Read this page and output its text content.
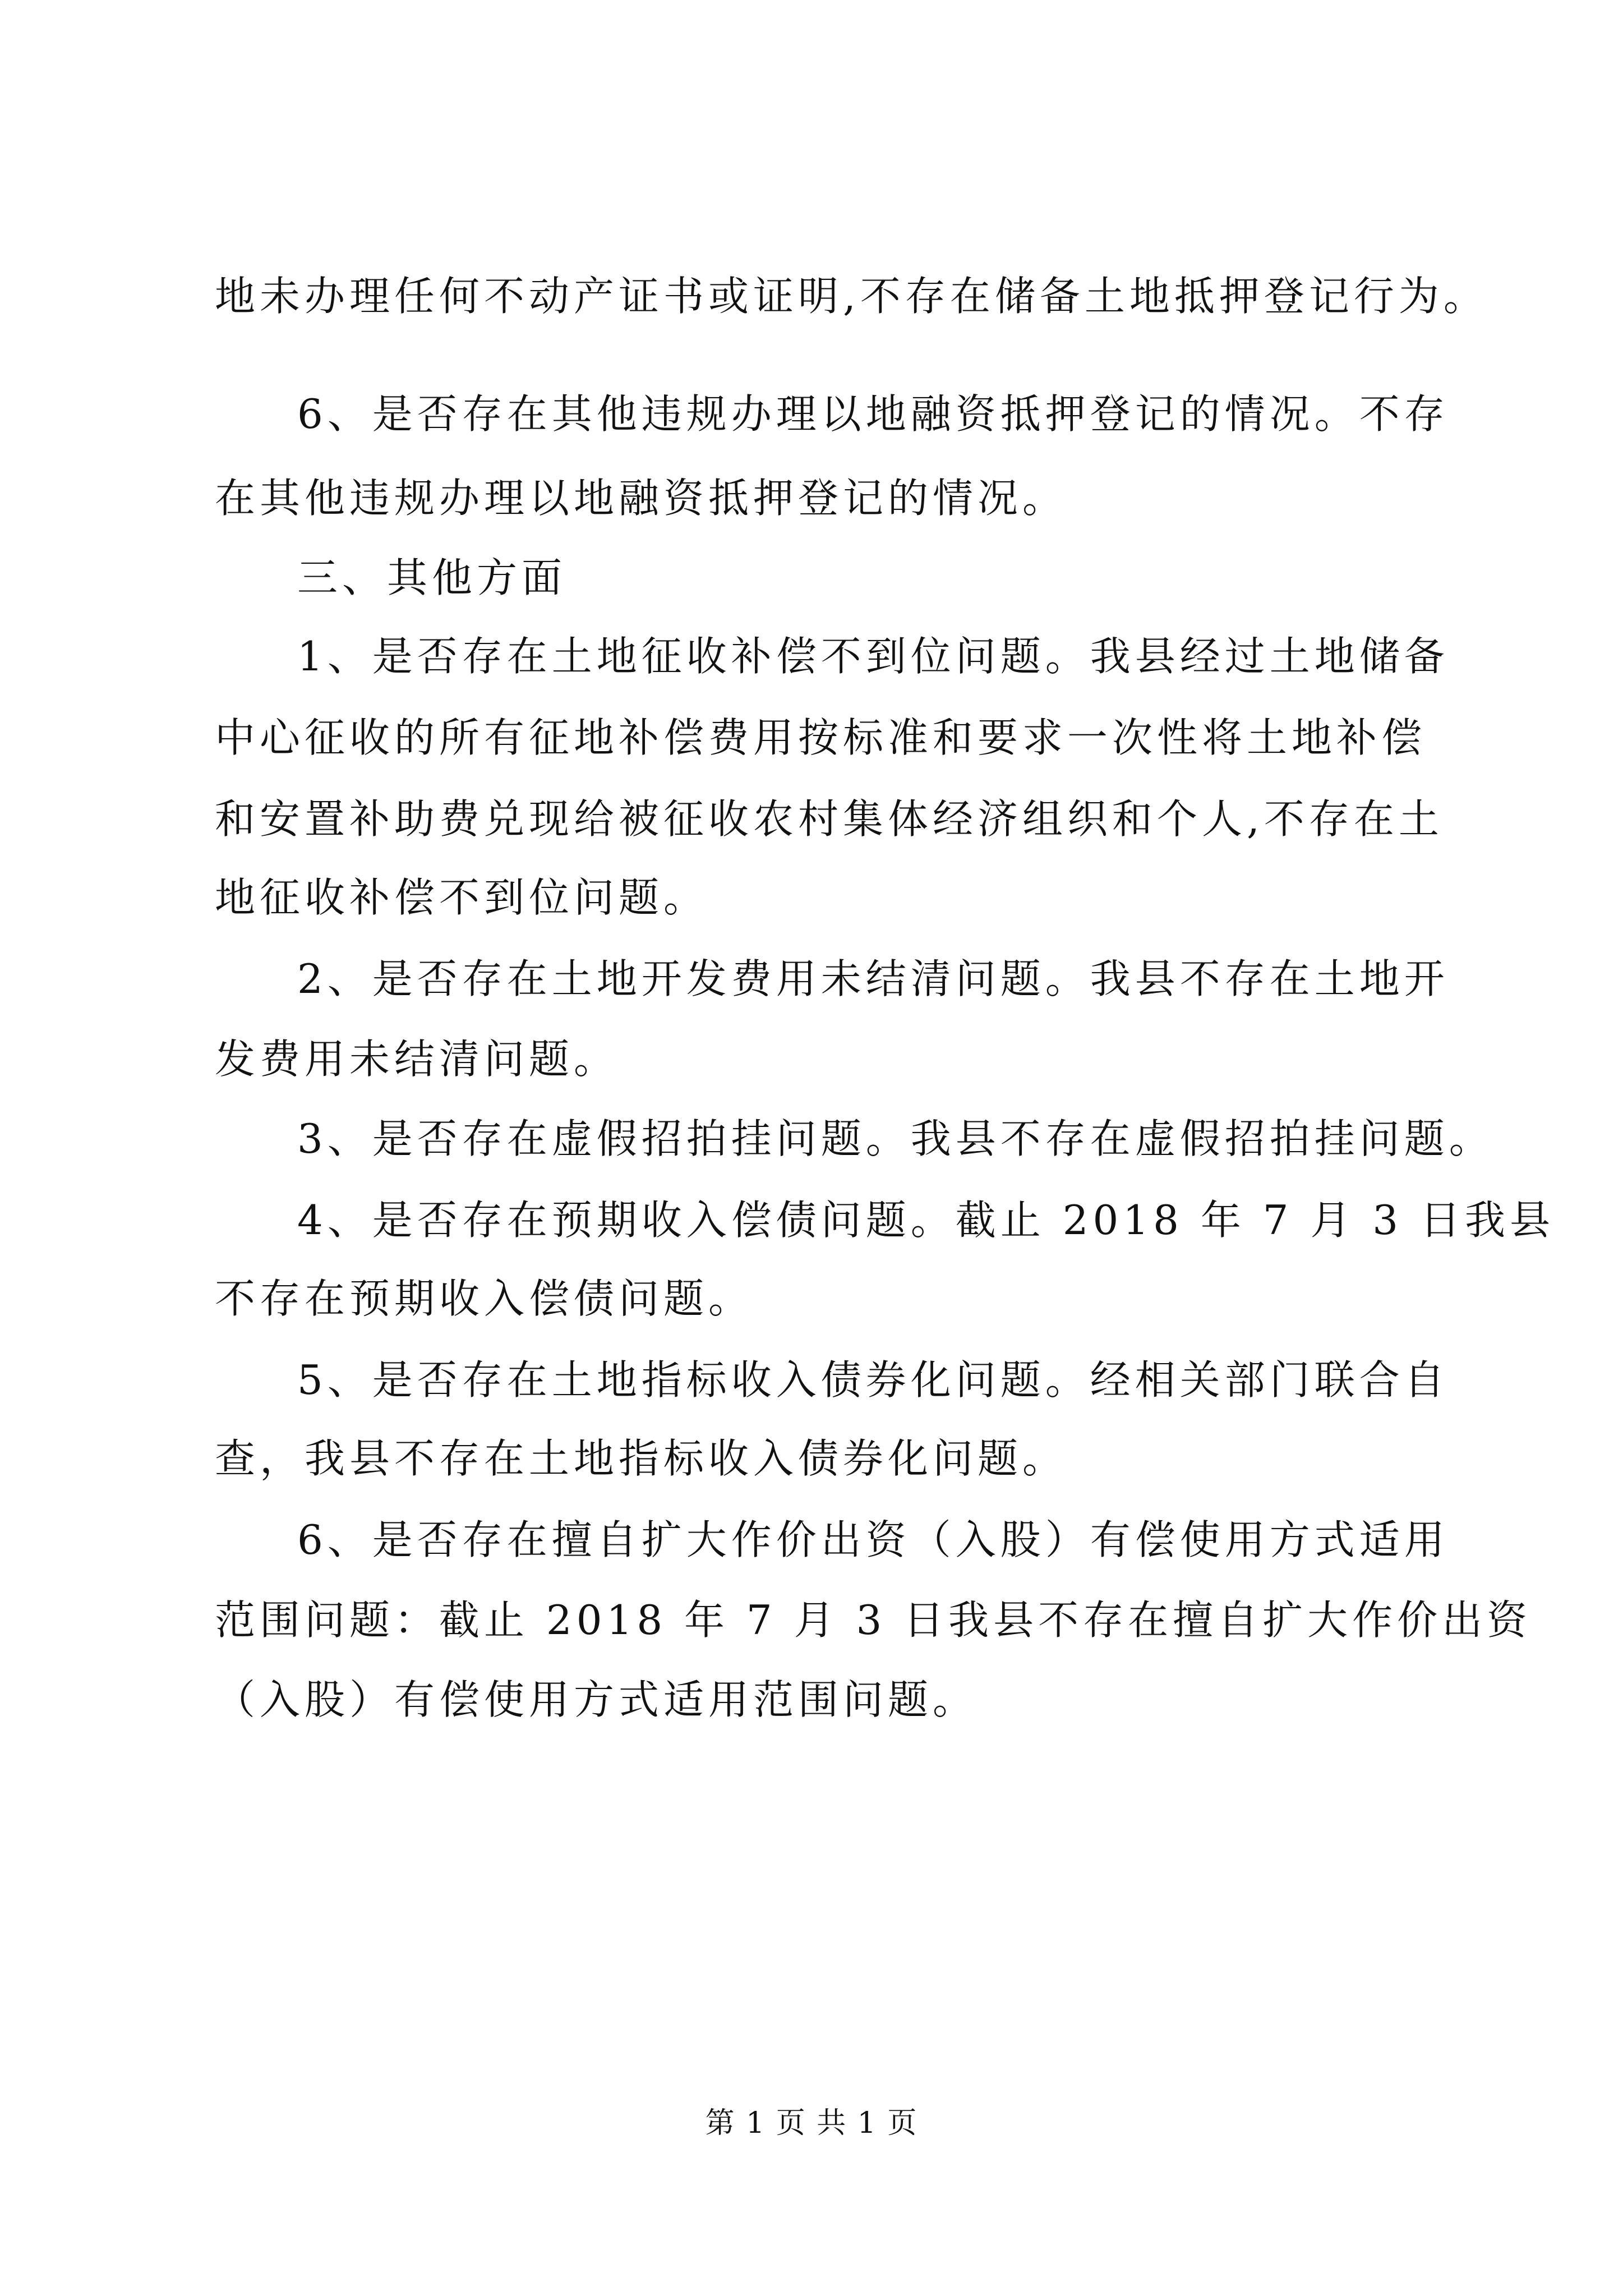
地未办理任何不动产证书或证明,不存在储备土地抵押登记行为。
6、是否存在其他违规办理以地融资抵押登记的情况。不存
在其他违规办理以地融资抵押登记的情况。
三、其他方面
1、是否存在土地征收补偿不到位问题。我县经过土地储备
中心征收的所有征地补偿费用按标准和要求一次性将土地补偿
和安置补助费兑现给被征收农村集体经济组织和个人,不存在土
地征收补偿不到位问题。
2、是否存在土地开发费用未结清问题。我县不存在土地开
发费用未结清问题。
3、是否存在虚假招拍挂问题。我县不存在虚假招拍挂问题。
4、是否存在预期收入偿债问题。截止 2018 年 7 月 3 日我县
不存在预期收入偿债问题。
5、是否存在土地指标收入债券化问题。经相关部门联合自
查，我县不存在土地指标收入债券化问题。
6、是否存在擅自扩大作价出资（入股）有偿使用方式适用
范围问题：截止 2018 年 7 月 3 日我县不存在擅自扩大作价出资
（入股）有偿使用方式适用范围问题。
第 1 页 共 1 页
